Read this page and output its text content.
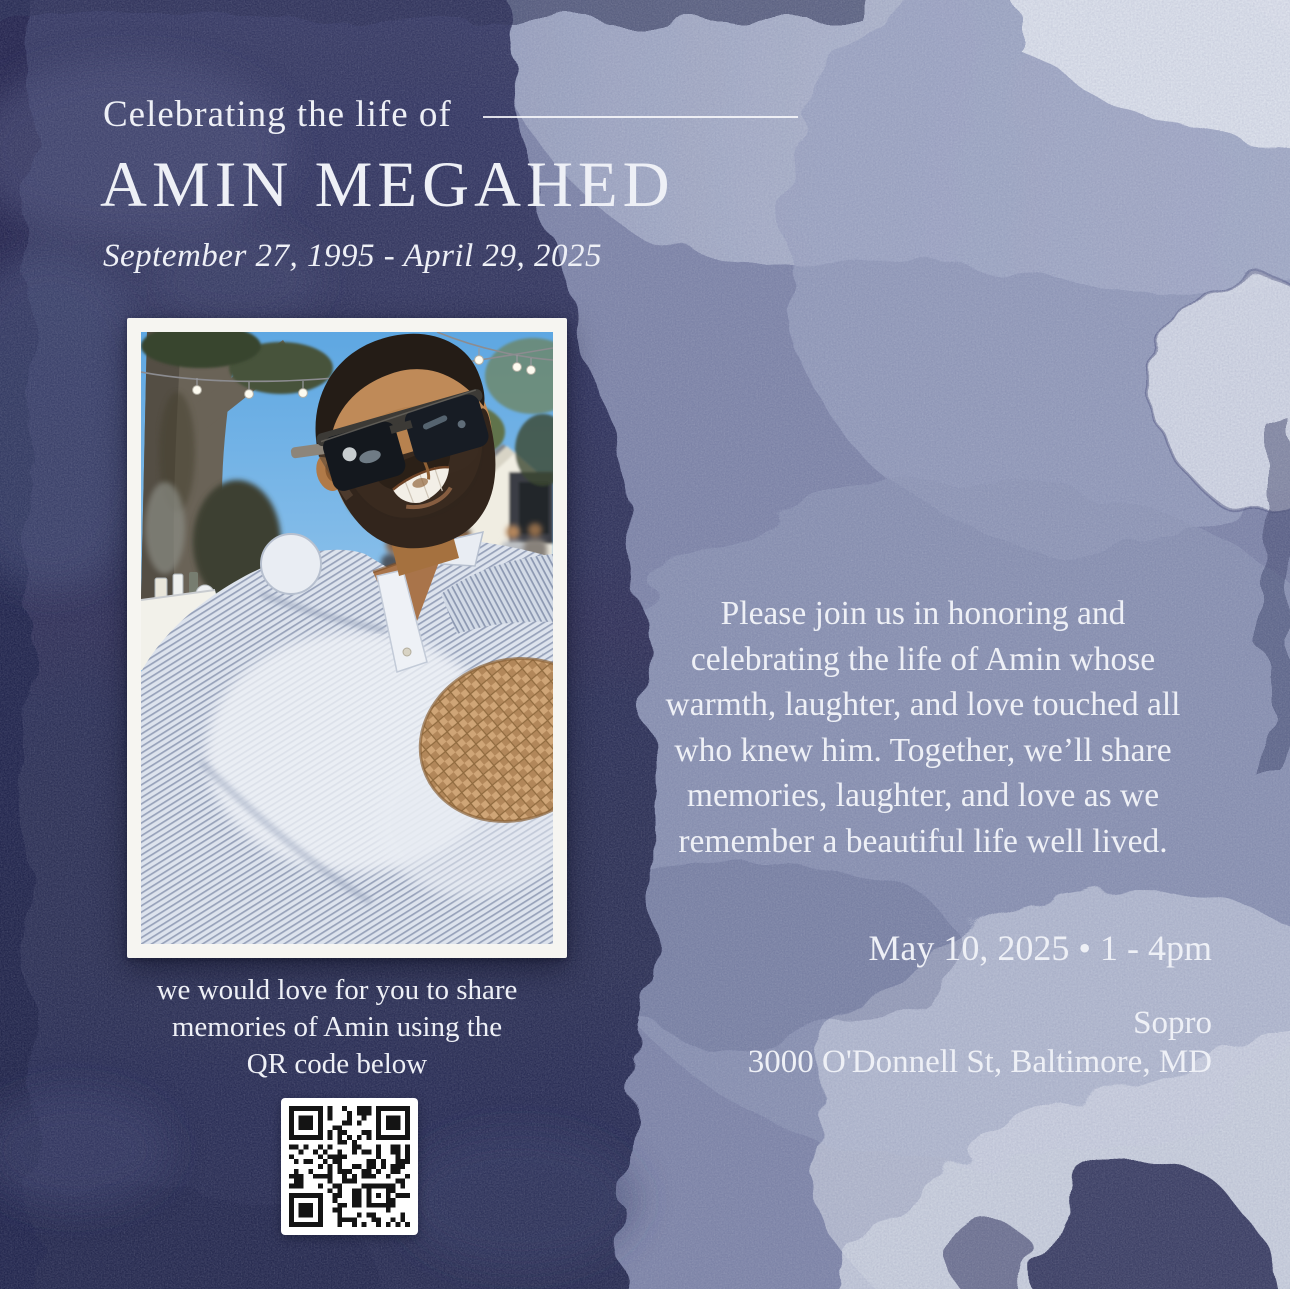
Celebrating the life of
AMIN MEGAHED
September 27, 1995 - April 29, 2025
we would love for you to share
memories of Amin using the
QR code below
Please join us in honoring and
celebrating the life of Amin whose
warmth, laughter, and love touched all
who knew him. Together, we’ll share
memories, laughter, and love as we
remember a beautiful life well lived.
May 10, 2025 • 1 - 4pm
Sopro
3000 O'Donnell St, Baltimore, MD
